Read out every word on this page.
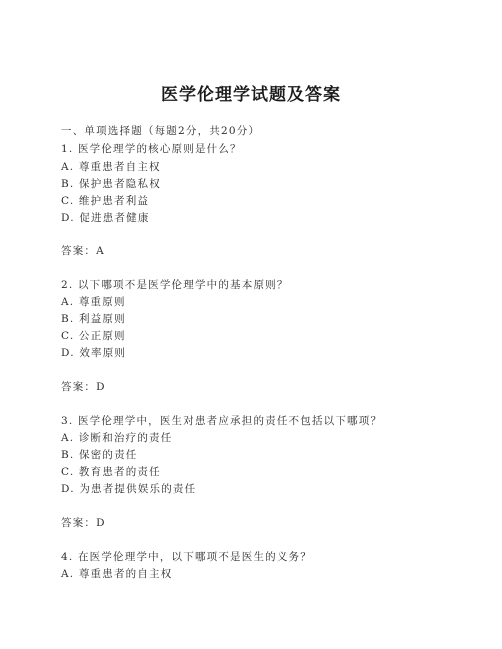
医学伦理学试题及答案
一、单项选择题（每题2分，共20分）
1. 医学伦理学的核心原则是什么？
A. 尊重患者自主权
B. 保护患者隐私权
C. 维护患者利益
D. 促进患者健康
答案：A
2. 以下哪项不是医学伦理学中的基本原则？
A. 尊重原则
B. 利益原则
C. 公正原则
D. 效率原则
答案：D
3. 医学伦理学中，医生对患者应承担的责任不包括以下哪项？
A. 诊断和治疗的责任
B. 保密的责任
C. 教育患者的责任
D. 为患者提供娱乐的责任
答案：D
4. 在医学伦理学中，以下哪项不是医生的义务？
A. 尊重患者的自主权
